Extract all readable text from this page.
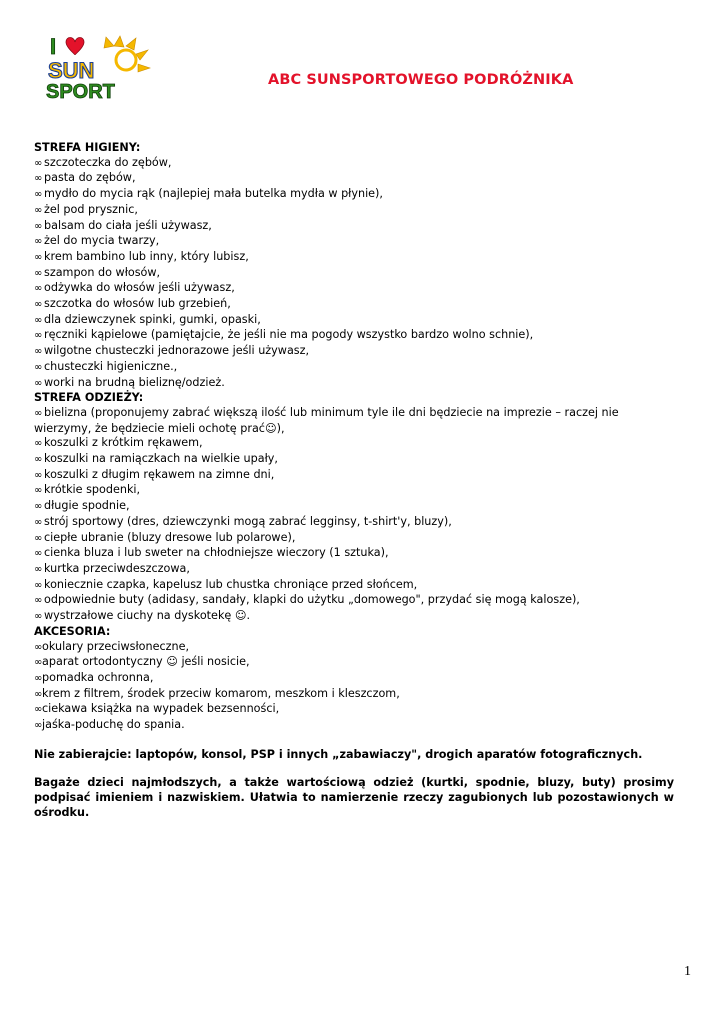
I
SUN
SPORT
ABC SUNSPORTOWEGO PODRÓŻNIKA
STREFA HIGIENY:
∞ szczoteczka do zębów,
∞ pasta do zębów,
∞ mydło do mycia rąk (najlepiej mała butelka mydła w płynie),
∞ żel pod prysznic,
∞ balsam do ciała jeśli używasz,
∞ żel do mycia twarzy,
∞ krem bambino lub inny, który lubisz,
∞ szampon do włosów,
∞ odżywka do włosów jeśli używasz,
∞ szczotka do włosów lub grzebień,
∞ dla dziewczynek spinki, gumki, opaski,
∞ ręczniki kąpielowe (pamiętajcie, że jeśli nie ma pogody wszystko bardzo wolno schnie),
∞ wilgotne chusteczki jednorazowe jeśli używasz,
∞ chusteczki higieniczne.,
∞ worki na brudną bieliznę/odzież.
STREFA ODZIEŻY:
∞ bielizna (proponujemy zabrać większą ilość lub minimum tyle ile dni będziecie na imprezie – raczej nie wierzymy, że będziecie mieli ochotę prać☺),
∞ koszulki z krótkim rękawem,
∞ koszulki na ramiączkach na wielkie upały,
∞ koszulki z długim rękawem na zimne dni,
∞ krótkie spodenki,
∞ długie spodnie,
∞ strój sportowy (dres, dziewczynki mogą zabrać legginsy, t-shirt'y, bluzy),
∞ ciepłe ubranie (bluzy dresowe lub polarowe),
∞ cienka bluza i lub sweter na chłodniejsze wieczory (1 sztuka),
∞ kurtka przeciwdeszczowa,
∞ koniecznie czapka, kapelusz lub chustka chroniące przed słońcem,
∞ odpowiednie buty (adidasy, sandały, klapki do użytku „domowego", przydać się mogą kalosze),
∞ wystrzałowe ciuchy na dyskotekę ☺.
AKCESORIA:
∞okulary przeciwsłoneczne,
∞aparat ortodontyczny ☺ jeśli nosicie,
∞pomadka ochronna,
∞krem z filtrem, środek przeciw komarom, meszkom i kleszczom,
∞ciekawa książka na wypadek bezsenności,
∞jaśka-poduchę do spania.
Nie zabierajcie: laptopów, konsol, PSP i innych „zabawiaczy", drogich aparatów fotograficznych.
Bagaże dzieci najmłodszych, a także wartościową odzież (kurtki, spodnie, bluzy, buty) prosimy podpisać imieniem i nazwiskiem. Ułatwia to namierzenie rzeczy zagubionych lub pozostawionych w ośrodku.
1
